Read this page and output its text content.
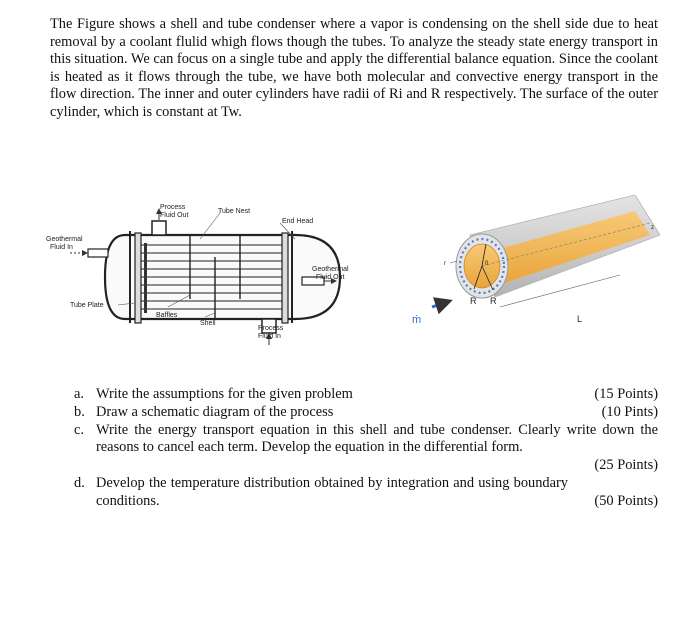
The Figure shows a shell and tube condenser where a vapor is condensing on the shell side due to heat removal by a coolant flulid whigh flows though the tubes. To analyze the steady state energy transport in this situation. We can focus on a single tube and apply the differential balance equation. Since the coolant is heated as it flows through the tube, we have both molecular and convective energy transport in the flow direction. The inner and outer cylinders have radii of Ri and R respectively. The surface of the outer cylinder, which is constant at Tw.

Process
Fluid Out
Tube Nest
End Head
Geothermal
Fluid In
Geothermal
Fluid Out
Tube Plate
Baffles
Shell
Process
Fluid In
ṁ
r	0
R R
L
z
a. Write the assumptions for the given problem	(15 Points)
b. Draw a schematic diagram of the process	(10 Pints)
c. Write the energy transport equation in this shell and tube condenser. Clearly write down the reasons to cancel each term. Develop the equation in the differential form.
(25 Points)
d. Develop the temperature distribution obtained by integration and using boundary conditions.	(50 Points)
